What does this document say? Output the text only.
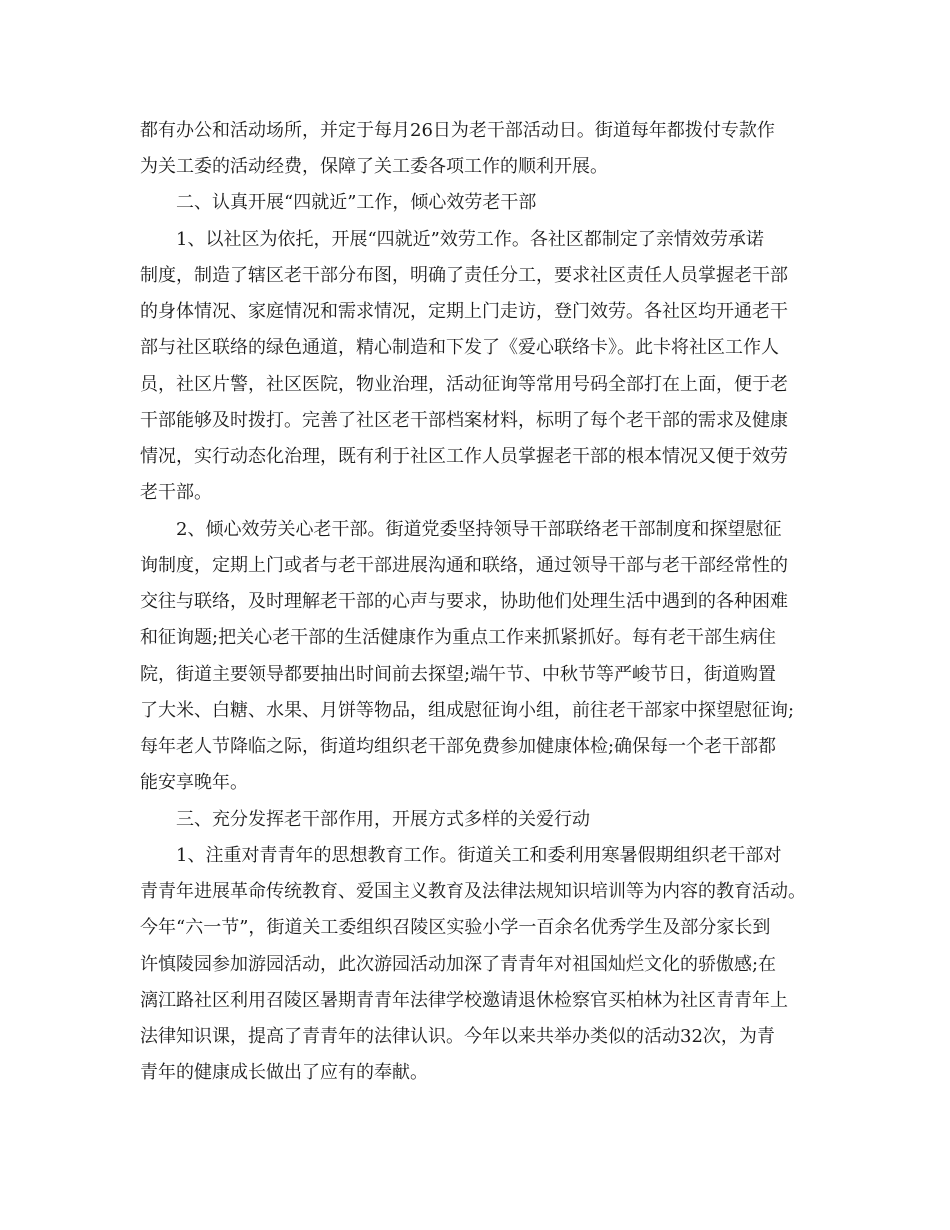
都有办公和活动场所，并定于每月26日为老干部活动日。街道每年都拨付专款作
为关工委的活动经费，保障了关工委各项工作的顺利开展。
二、认真开展“四就近”工作，倾心效劳老干部
1、以社区为依托，开展“四就近”效劳工作。各社区都制定了亲情效劳承诺
制度，制造了辖区老干部分布图，明确了责任分工，要求社区责任人员掌握老干部
的身体情况、家庭情况和需求情况，定期上门走访，登门效劳。各社区均开通老干
部与社区联络的绿色通道，精心制造和下发了《爱心联络卡》。此卡将社区工作人
员，社区片警，社区医院，物业治理，活动征询等常用号码全部打在上面，便于老
干部能够及时拨打。完善了社区老干部档案材料，标明了每个老干部的需求及健康
情况，实行动态化治理，既有利于社区工作人员掌握老干部的根本情况又便于效劳
老干部。
2、倾心效劳关心老干部。街道党委坚持领导干部联络老干部制度和探望慰征
询制度，定期上门或者与老干部进展沟通和联络，通过领导干部与老干部经常性的
交往与联络，及时理解老干部的心声与要求，协助他们处理生活中遇到的各种困难
和征询题;把关心老干部的生活健康作为重点工作来抓紧抓好。每有老干部生病住
院，街道主要领导都要抽出时间前去探望;端午节、中秋节等严峻节日，街道购置
了大米、白糖、水果、月饼等物品，组成慰征询小组，前往老干部家中探望慰征询;
每年老人节降临之际，街道均组织老干部免费参加健康体检;确保每一个老干部都
能安享晚年。
三、充分发挥老干部作用，开展方式多样的关爱行动
1、注重对青青年的思想教育工作。街道关工和委利用寒暑假期组织老干部对
青青年进展革命传统教育、爱国主义教育及法律法规知识培训等为内容的教育活动。
今年“六一节”，街道关工委组织召陵区实验小学一百余名优秀学生及部分家长到
许慎陵园参加游园活动，此次游园活动加深了青青年对祖国灿烂文化的骄傲感;在
漓江路社区利用召陵区暑期青青年法律学校邀请退休检察官买柏林为社区青青年上
法律知识课，提高了青青年的法律认识。今年以来共举办类似的活动32次，为青
青年的健康成长做出了应有的奉献。
